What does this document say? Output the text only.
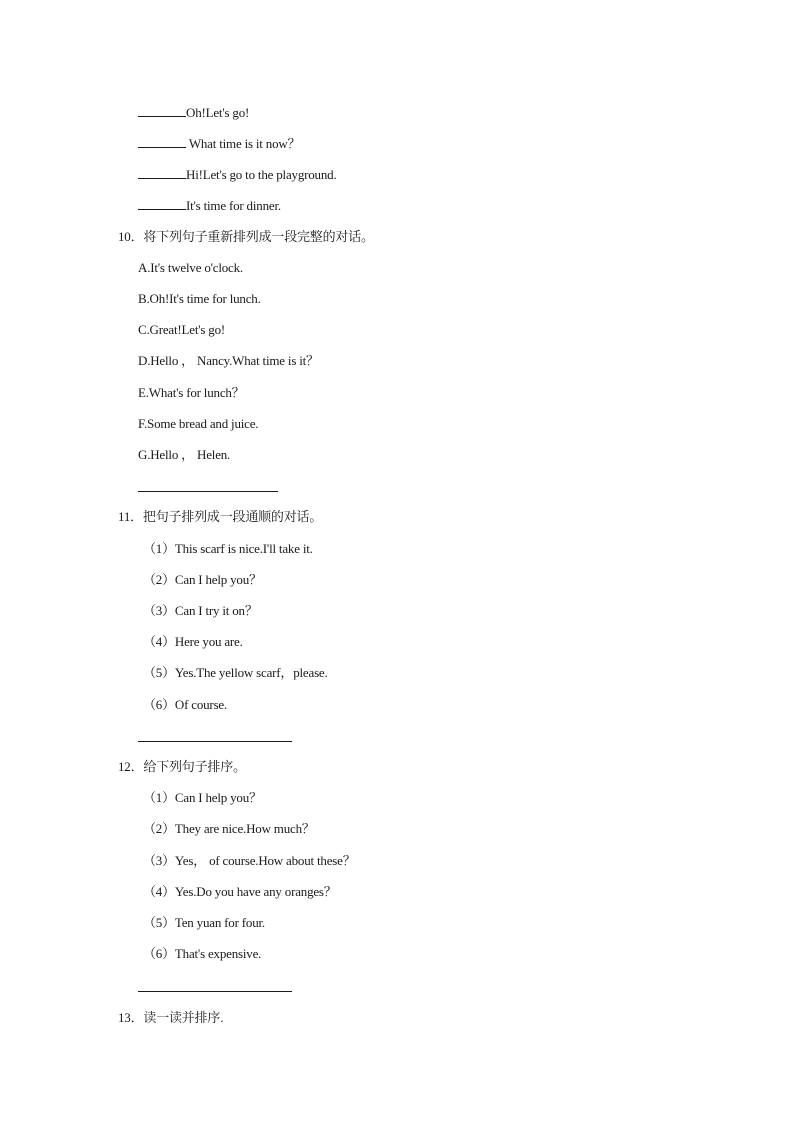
Oh!Let's go!
What time is it now？
Hi!Let's go to the playground.
It's time for dinner.
10．将下列句子重新排列成一段完整的对话。
A.It's twelve o'clock.
B.Oh!It's time for lunch.
C.Great!Let's go!
D.Hello ， Nancy.What time is it？
E.What's for lunch？
F.Some bread and juice.
G.Hello ， Helen.
11．把句子排列成一段通顺的对话。
（1）This scarf is nice.I'll take it.
（2）Can I help you？
（3）Can I try it on？
（4）Here you are.
（5）Yes.The yellow scarf，please.
（6）Of course.
12．给下列句子排序。
（1）Can I help you？
（2）They are nice.How much？
（3）Yes， of course.How about these？
（4）Yes.Do you have any oranges？
（5）Ten yuan for four.
（6）That's expensive.
13．读一读并排序.
